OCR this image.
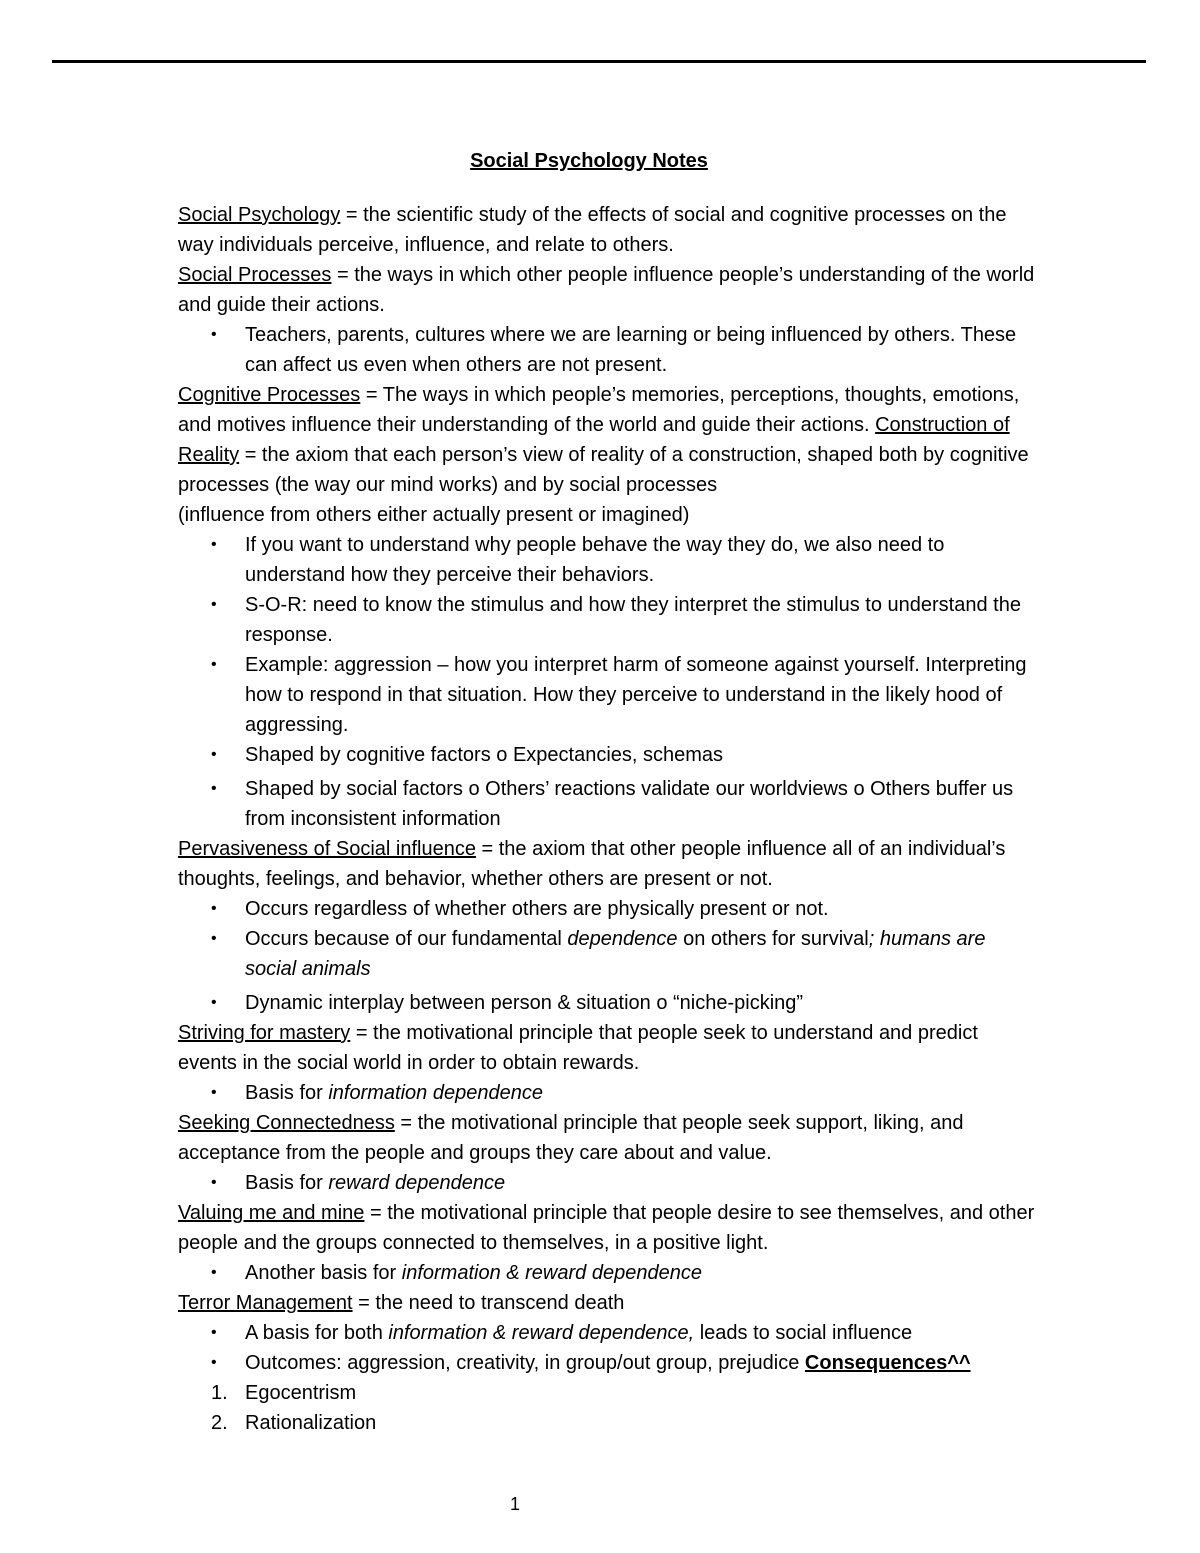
Social Psychology Notes

Social Psychology = the scientific study of the effects of social and cognitive processes on the way individuals perceive, influence, and relate to others.

Social Processes = the ways in which other people influence people’s understanding of the world and guide their actions.

• Teachers, parents, cultures where we are learning or being influenced by others. These can affect us even when others are not present.

Cognitive Processes = The ways in which people’s memories, perceptions, thoughts, emotions, and motives influence their understanding of the world and guide their actions. Construction of Reality = the axiom that each person’s view of reality of a construction, shaped both by cognitive processes (the way our mind works) and by social processes

(influence from others either actually present or imagined)

• If you want to understand why people behave the way they do, we also need to understand how they perceive their behaviors.
• S-O-R: need to know the stimulus and how they interpret the stimulus to understand the response.
• Example: aggression – how you interpret harm of someone against yourself. Interpreting how to respond in that situation. How they perceive to understand in the likely hood of aggressing.
• Shaped by cognitive factors o Expectancies, schemas
• Shaped by social factors o Others’ reactions validate our worldviews o Others buffer us from inconsistent information

Pervasiveness of Social influence = the axiom that other people influence all of an individual’s thoughts, feelings, and behavior, whether others are present or not.

• Occurs regardless of whether others are physically present or not.
• Occurs because of our fundamental dependence on others for survival; humans are social animals
• Dynamic interplay between person & situation o “niche-picking”

Striving for mastery = the motivational principle that people seek to understand and predict events in the social world in order to obtain rewards.

• Basis for information dependence

Seeking Connectedness = the motivational principle that people seek support, liking, and acceptance from the people and groups they care about and value.

• Basis for reward dependence

Valuing me and mine = the motivational principle that people desire to see themselves, and other people and the groups connected to themselves, in a positive light.

• Another basis for information & reward dependence

Terror Management = the need to transcend death

• A basis for both information & reward dependence, leads to social influence
• Outcomes: aggression, creativity, in group/out group, prejudice Consequences^^
1. Egocentrism
2. Rationalization
1
